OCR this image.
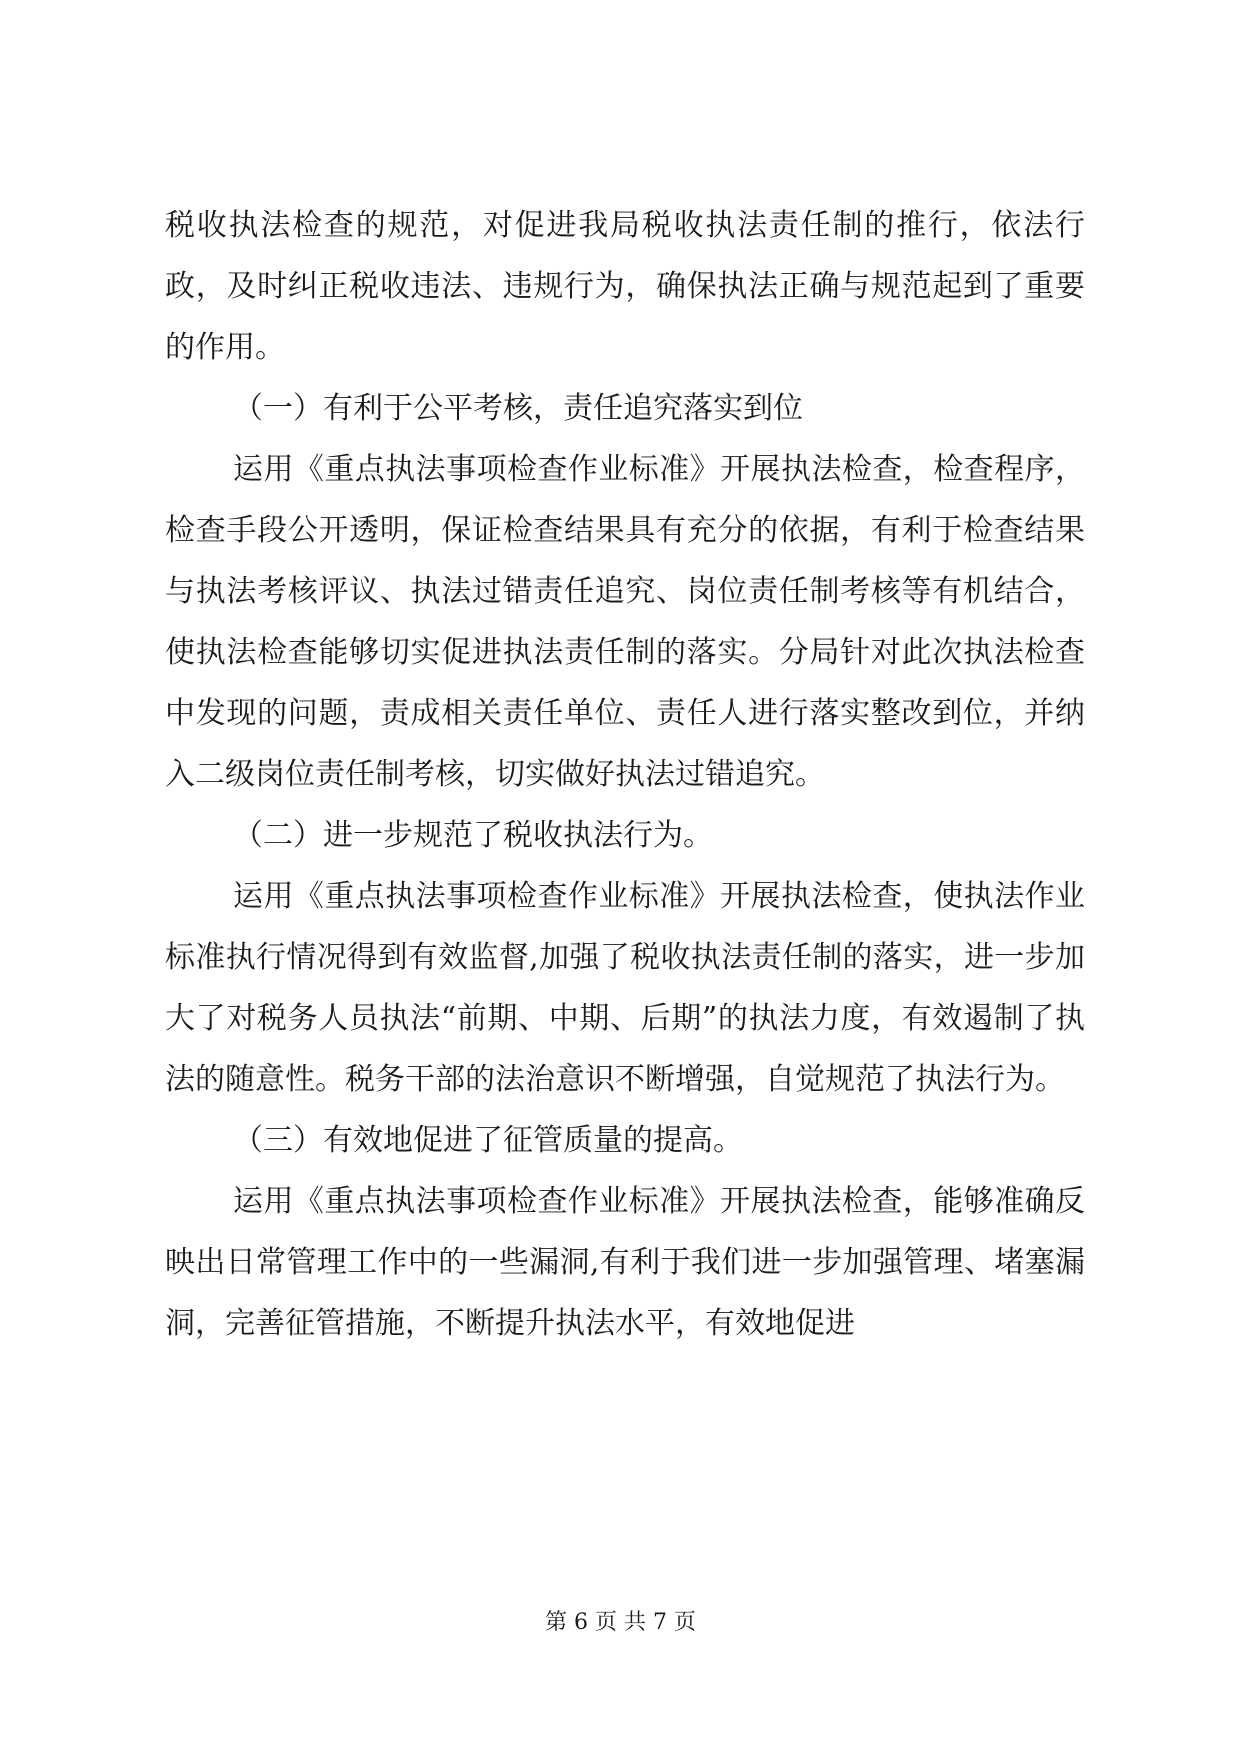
税收执法检查的规范，对促进我局税收执法责任制的推行，依法行政，及时纠正税收违法、违规行为，确保执法正确与规范起到了重要的作用。

（一）有利于公平考核，责任追究落实到位

运用《重点执法事项检查作业标准》开展执法检查，检查程序，检查手段公开透明，保证检查结果具有充分的依据，有利于检查结果与执法考核评议、执法过错责任追究、岗位责任制考核等有机结合，使执法检查能够切实促进执法责任制的落实。分局针对此次执法检查中发现的问题，责成相关责任单位、责任人进行落实整改到位，并纳入二级岗位责任制考核，切实做好执法过错追究。

（二）进一步规范了税收执法行为。

运用《重点执法事项检查作业标准》开展执法检查，使执法作业标准执行情况得到有效监督,加强了税收执法责任制的落实，进一步加大了对税务人员执法“前期、中期、后期”的执法力度，有效遏制了执法的随意性。税务干部的法治意识不断增强，自觉规范了执法行为。

（三）有效地促进了征管质量的提高。

运用《重点执法事项检查作业标准》开展执法检查，能够准确反映出日常管理工作中的一些漏洞,有利于我们进一步加强管理、堵塞漏洞，完善征管措施，不断提升执法水平，有效地促进

第 6 页 共 7 页
